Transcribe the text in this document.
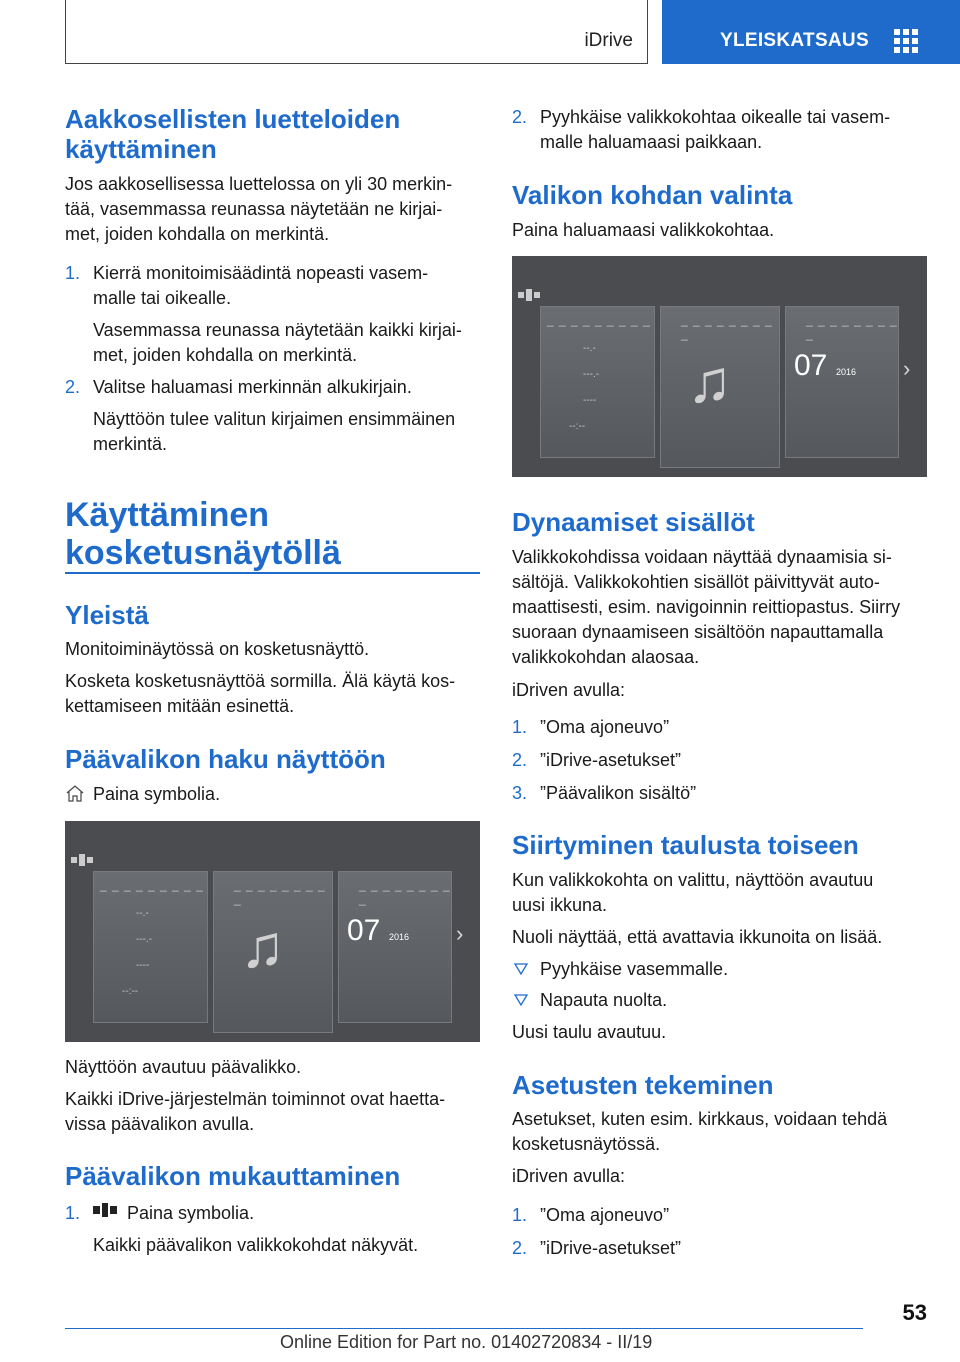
iDrive	YLEISKATSAUS
Aakkosellisten luetteloiden käyttäminen
Jos aakkosellisessa luettelossa on yli 30 merkin‐
tää, vasemmassa reunassa näytetään ne kirjai‐
met, joiden kohdalla on merkintä.
1. Kierrä monitoimisäädintä nopeasti vasem‐
malle tai oikealle.
Vasemmassa reunassa näytetään kaikki kirjai‐
met, joiden kohdalla on merkintä.
2. Valitse haluamasi merkinnän alkukirjain.
Näyttöön tulee valitun kirjaimen ensimmäinen
merkintä.
Käyttäminen
kosketusnäytöllä
Yleistä
Monitoiminäytössä on kosketusnäyttö.
Kosketa kosketusnäyttöä sormilla. Älä käytä kos‐
kettamiseen mitään esinettä.
Päävalikon haku näyttöön
Paina symbolia.
_ _ _ _ _ _ _ _ _
--.-
---.-
----
--:--
_ _ _ _ _ _ _ _ _
♫
_ _ _ _ _ _ _ _ _
07 2016 ›
Näyttöön avautuu päävalikko.
Kaikki iDrive-järjestelmän toiminnot ovat haetta‐
vissa päävalikon avulla.
Päävalikon mukauttaminen
1.	Paina symbolia.
Kaikki päävalikon valikkokohdat näkyvät.
2. Pyyhkäise valikkokohtaa oikealle tai vasem‐
malle haluamaasi paikkaan.
Valikon kohdan valinta
Paina haluamaasi valikkokohtaa.
_ _ _ _ _ _ _ _ _
--.-
---.-
----
--:--
_ _ _ _ _ _ _ _ _
♫
_ _ _ _ _ _ _ _ _
07 2016 ›
Dynaamiset sisällöt
Valikkokohdissa voidaan näyttää dynaamisia si‐
sältöjä. Valikkokohtien sisällöt päivittyvät auto‐
maattisesti, esim. navigoinnin reittiopastus. Siirry
suoraan dynaamiseen sisältöön napauttamalla
valikkokohdan alaosaa.
iDriven avulla:
1. ”Oma ajoneuvo”
2. ”iDrive-asetukset”
3. ”Päävalikon sisältö”
Siirtyminen taulusta toiseen
Kun valikkokohta on valittu, näyttöön avautuu
uusi ikkuna.
Nuoli näyttää, että avattavia ikkunoita on lisää.
Pyyhkäise vasemmalle.
Napauta nuolta.
Uusi taulu avautuu.
Asetusten tekeminen
Asetukset, kuten esim. kirkkaus, voidaan tehdä
kosketusnäytössä.
iDriven avulla:
1. ”Oma ajoneuvo”
2. ”iDrive-asetukset”
53
Online Edition for Part no. 01402720834 - II/19
